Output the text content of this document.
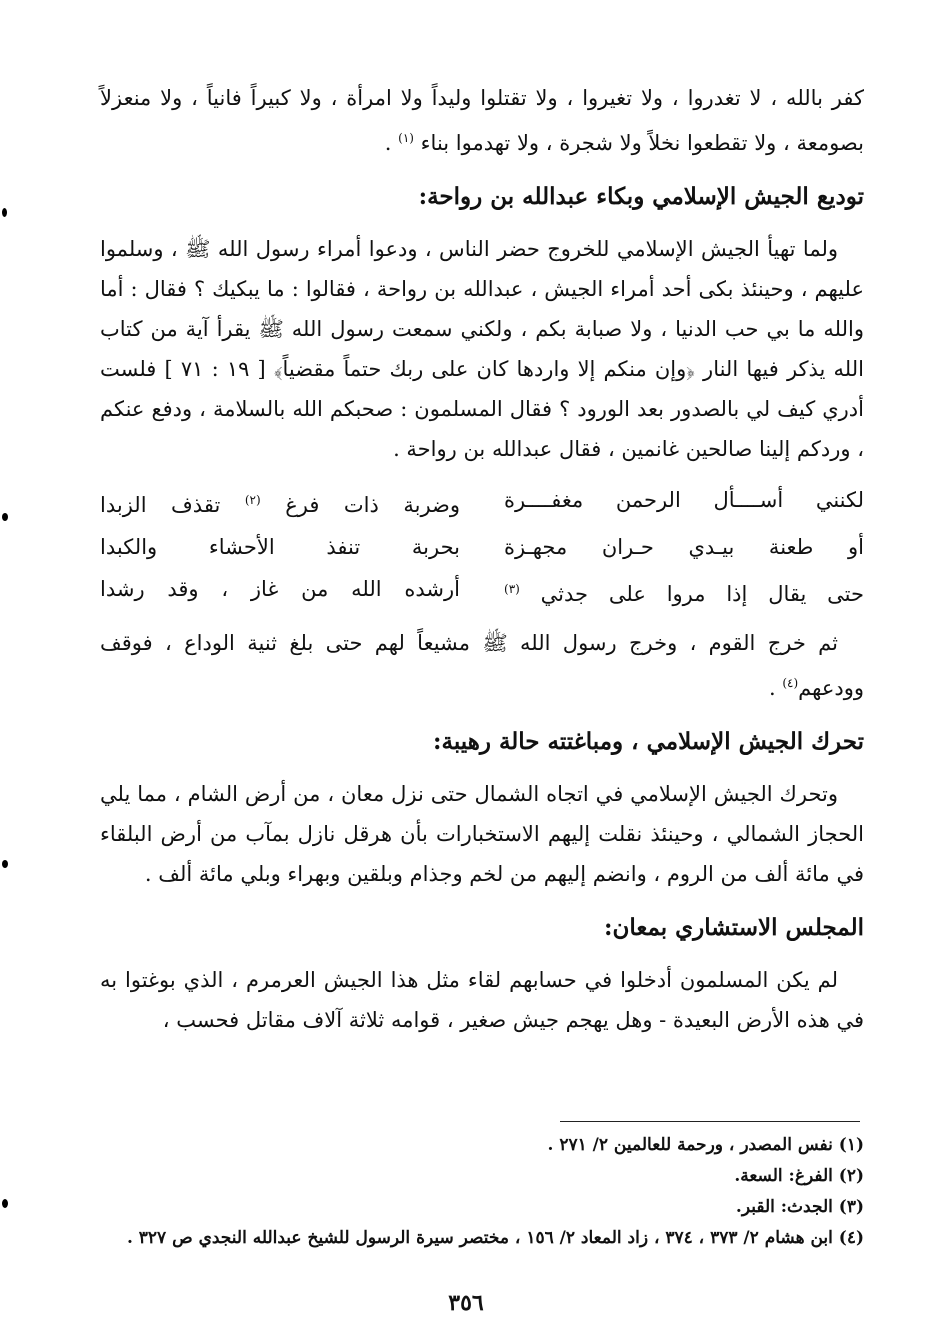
كفر بالله ، لا تغدروا ، ولا تغيروا ، ولا تقتلوا وليداً ولا امرأة ، ولا كبيراً فانياً ، ولا منعزلاً بصومعة ، ولا تقطعوا نخلاً ولا شجرة ، ولا تهدموا بناء $^{(١)}$ .

توديع الجيش الإسلامي وبكاء عبدالله بن رواحة:

ولما تهيأ الجيش الإسلامي للخروج حضر الناس ، ودعوا أمراء رسول الله ﷺ ، وسلموا عليهم ، وحينئذ بكى أحد أمراء الجيش ، عبدالله بن رواحة ، فقالوا : ما يبكيك ؟ فقال : أما والله ما بي حب الدنيا ، ولا صبابة بكم ، ولكني سمعت رسول الله ﷺ يقرأ آية من كتاب الله يذكر فيها النار ﴿وإن منكم إلا واردها كان على ربك حتماً مقضياً﴾ [ ١٩ : ٧١ ] فلست أدري كيف لي بالصدور بعد الورود ؟ فقال المسلمون : صحبكم الله بالسلامة ، ودفع عنكم ، وردكم إلينا صالحين غانمين ، فقال عبدالله بن رواحة .

لكنني أســــأل الرحمن مغفــــرة
وضربة ذات فرغ $^{(٢)}$ تقذف الزبدا
أو طعنة بيـدي حـران مجهـزة
بحربة تنفذ الأحشاء والكبدا
حتى يقال إذا مروا على جدثي $^{(٣)}$
أرشده الله من غاز ، وقد رشدا

ثم خرج القوم ، وخرج رسول الله ﷺ مشيعاً لهم حتى بلغ ثنية الوداع ، فوقف وودعهم$^{(٤)}$ .

تحرك الجيش الإسلامي ، ومباغتته حالة رهيبة:

وتحرك الجيش الإسلامي في اتجاه الشمال حتى نزل معان ، من أرض الشام ، مما يلي الحجاز الشمالي ، وحينئذ نقلت إليهم الاستخبارات بأن هرقل نازل بمآب من أرض البلقاء في مائة ألف من الروم ، وانضم إليهم من لخم وجذام وبلقين وبهراء وبلي مائة ألف .

المجلس الاستشاري بمعان:

لم يكن المسلمون أدخلوا في حسابهم لقاء مثل هذا الجيش العرمرم ، الذي بوغتوا به في هذه الأرض البعيدة - وهل يهجم جيش صغير ، قوامه ثلاثة آلاف مقاتل فحسب ،

(١) نفس المصدر ، ورحمة للعالمين ٢/ ٢٧١ .
(٢) الفرغ: السعة.
(٣) الجدث: القبر.
(٤) ابن هشام ٢/ ٣٧٣ ، ٣٧٤ ، زاد المعاد ٢/ ١٥٦ ، مختصر سيرة الرسول للشيخ عبدالله النجدي ص ٣٢٧ .
٣٥٦
